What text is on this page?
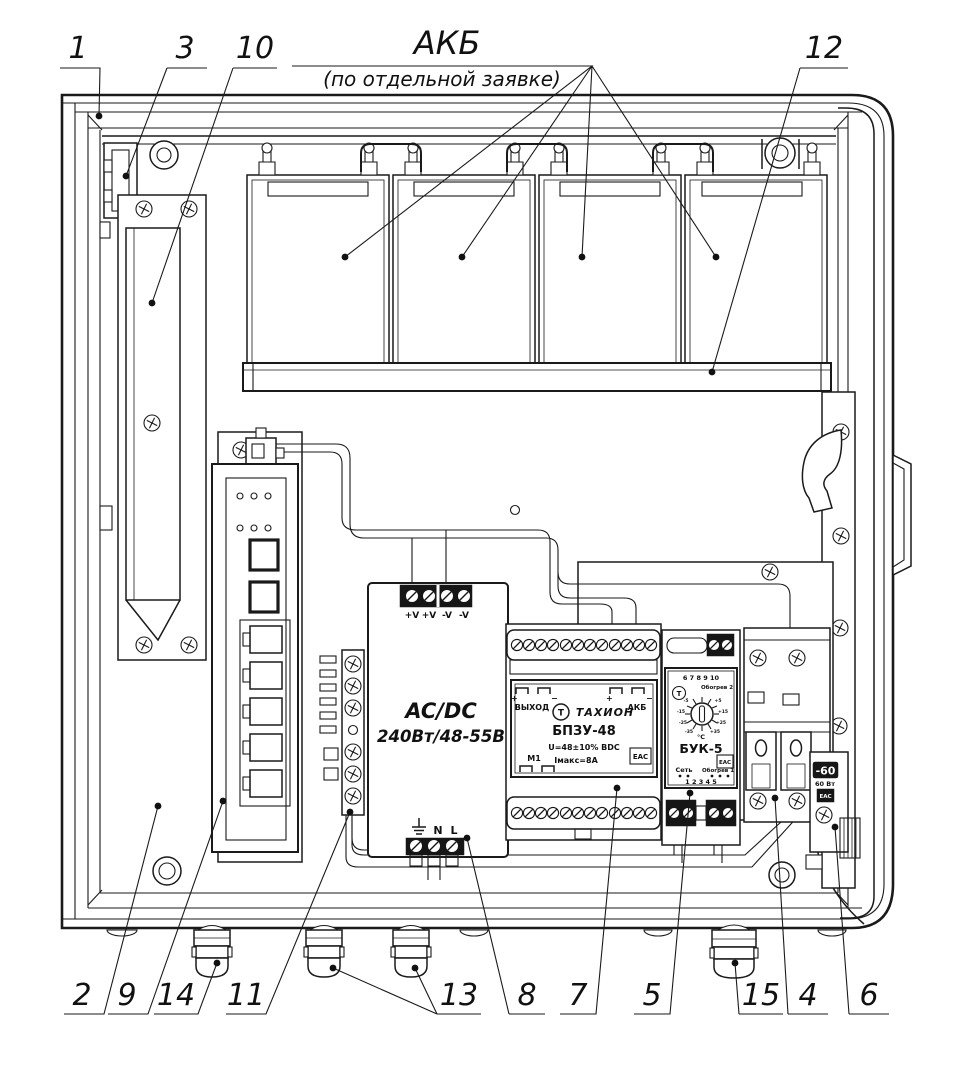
+V +V -V -V
AC/DC
240Вт/48-55В
N L
+	−	+	−
ВЫХОД	АКБ
Т ТАХИОН
БПЗУ-48
U=48±10% ВDC
Iмакс=8А	EAC
М1
6 7 8 9 10
Обогрев 2
Т
-5
-15
-25
-35
+5
+15
+25
+35
°С
БУК-5
EAC
Сеть Обогрев 1
1 2 3 4 5
-60
60 Вт
EAC
1	3 10	12
2 9 14 11	13 8 7 5	15 4 6
АКБ
(по отдельной заявке)
